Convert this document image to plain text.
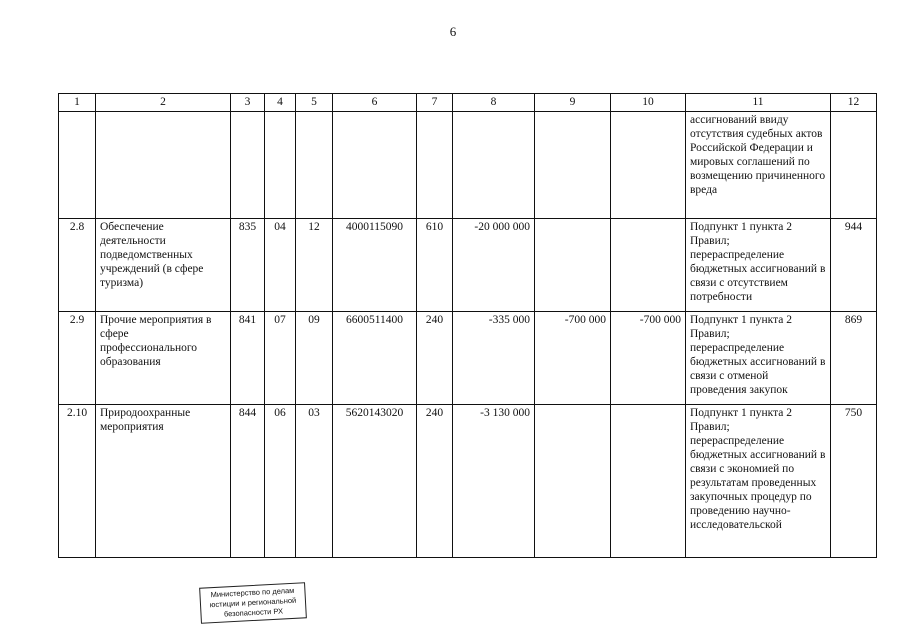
6
1	2	3	4	5	6	7	8	9	10	11	12
										ассигнований ввиду отсутствия судебных актов Российской Федерации и мировых соглашений по возмещению причиненного вреда	
2.8	Обеспечение деятельности подведомственных учреждений (в сфере туризма)	835	04	12	4000115090	610	-20 000 000			Подпункт 1 пункта 2 Правил; перераспределение бюджетных ассигнований в связи с отсутствием потребности	944
2.9	Прочие мероприятия в сфере профессионального образования	841	07	09	6600511400	240	-335 000	-700 000	-700 000	Подпункт 1 пункта 2 Правил; перераспределение бюджетных ассигнований в связи с отменой проведения закупок	869
2.10	Природоохранные мероприятия	844	06	03	5620143020	240	-3 130 000			Подпункт 1 пункта 2 Правил; перераспределение бюджетных ассигнований в связи с экономией по результатам проведенных закупочных процедур по проведению научно-исследовательской	750
Министерство по делам
юстиции и региональной
безопасности РХ
